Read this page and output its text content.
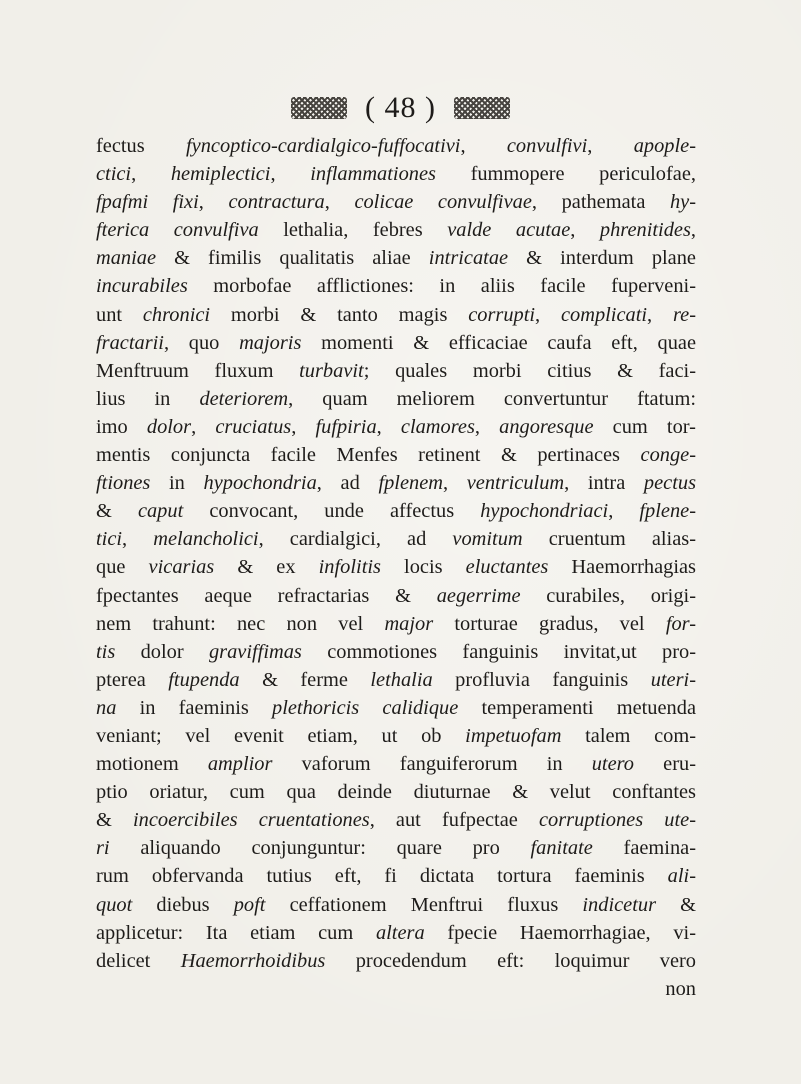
( 48 )
fectus fyncoptico-cardialgico-fuffocativi, convulfivi, apople-
ctici, hemiplectici, inflammationes fummopere periculofae,
fpafmi fixi, contractura, colicae convulfivae, pathemata hy-
fterica convulfiva lethalia, febres valde acutae, phrenitides,
maniae & fimilis qualitatis aliae intricatae & interdum plane
incurabiles morbofae afflictiones: in aliis facile fuperveni-
unt chronici morbi & tanto magis corrupti, complicati, re-
fractarii, quo majoris momenti & efficaciae caufa eft, quae
Menftruum fluxum turbavit; quales morbi citius & faci-
lius in deteriorem, quam meliorem convertuntur ftatum:
imo dolor, cruciatus, fufpiria, clamores, angoresque cum tor-
mentis conjuncta facile Menfes retinent & pertinaces conge-
ftiones in hypochondria, ad fplenem, ventriculum, intra pectus
& caput convocant, unde affectus hypochondriaci, fplene-
tici, melancholici, cardialgici, ad vomitum cruentum alias-
que vicarias & ex infolitis locis eluctantes Haemorrhagias
fpectantes aeque refractarias & aegerrime curabiles, origi-
nem trahunt: nec non vel major torturae gradus, vel for-
tis dolor graviffimas commotiones fanguinis invitat,ut pro-
pterea ftupenda & ferme lethalia profluvia fanguinis uteri-
na in faeminis plethoricis calidique temperamenti metuenda
veniant; vel evenit etiam, ut ob impetuofam talem com-
motionem amplior vaforum fanguiferorum in utero eru-
ptio oriatur, cum qua deinde diuturnae & velut conftantes
& incoercibiles cruentationes, aut fufpectae corruptiones ute-
ri aliquando conjunguntur: quare pro fanitate faemina-
rum obfervanda tutius eft, fi dictata tortura faeminis ali-
quot diebus poft ceffationem Menftrui fluxus indicetur &
applicetur: Ita etiam cum altera fpecie Haemorrhagiae, vi-
delicet Haemorrhoidibus procedendum eft: loquimur vero
non
